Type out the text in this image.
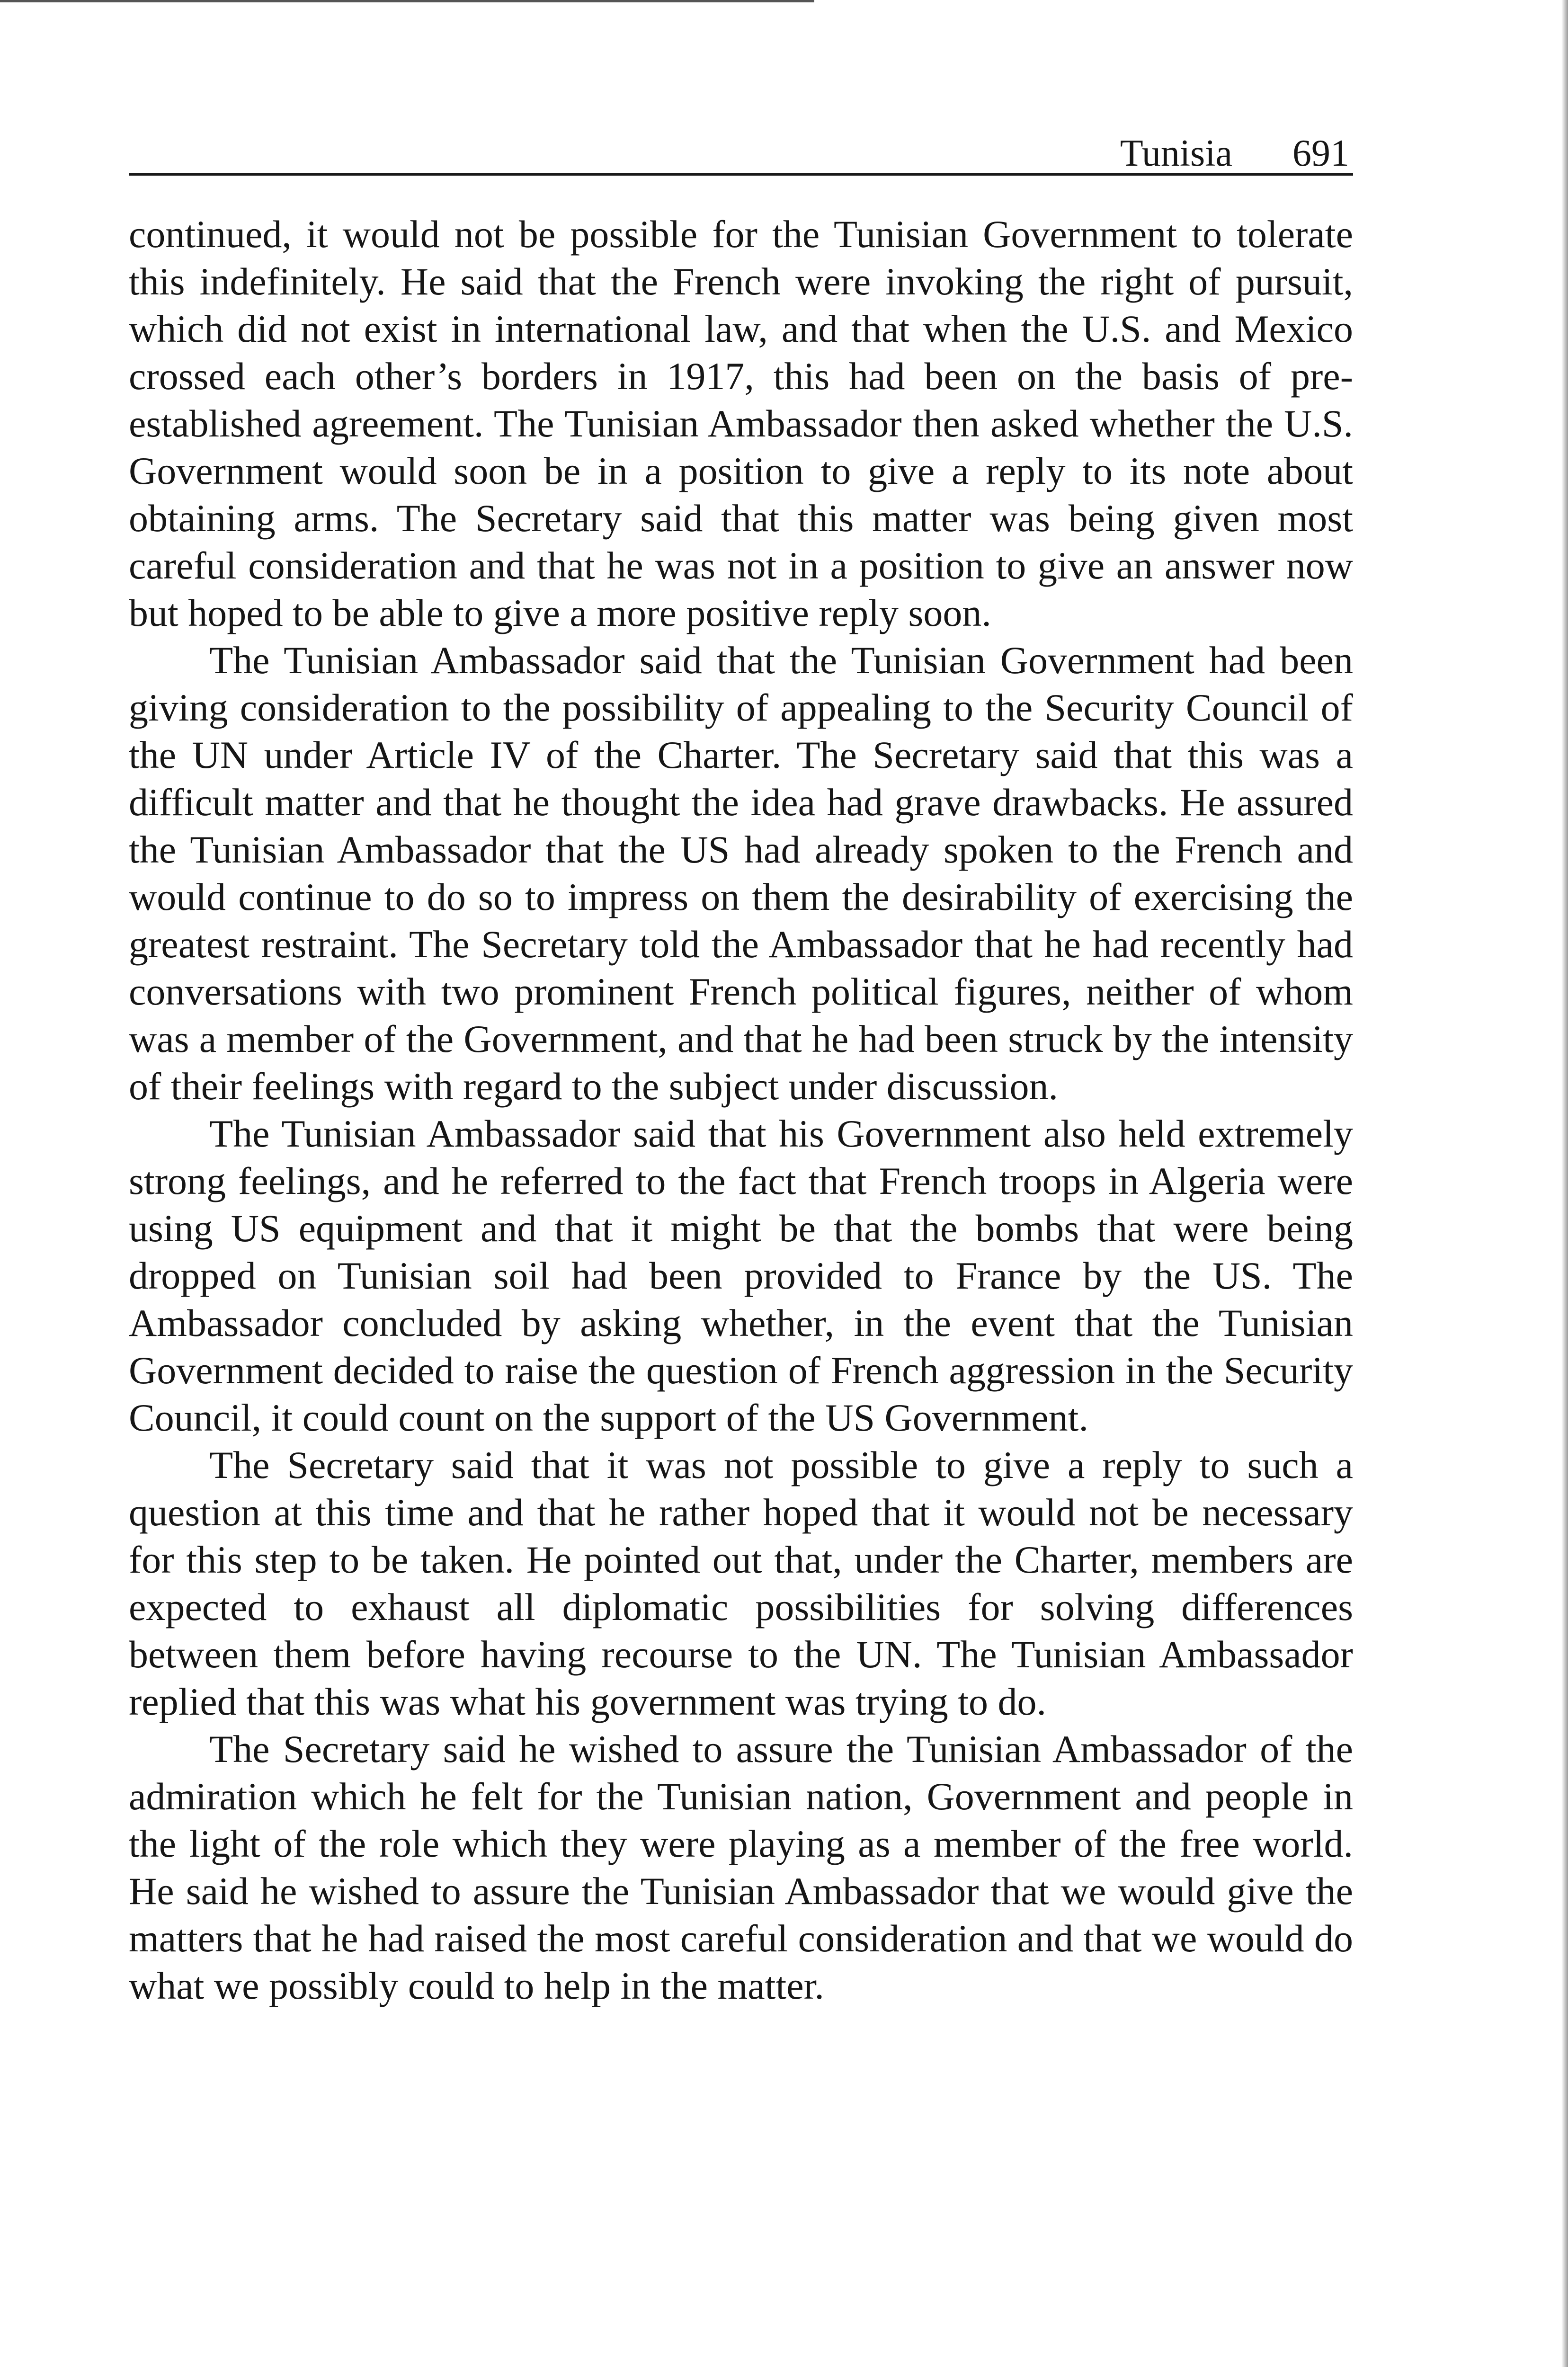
Tunisia 691

continued, it would not be possible for the Tunisian Government to tolerate this indefinitely. He said that the French were invoking the right of pursuit, which did not exist in international law, and that when the U.S. and Mexico crossed each other’s borders in 1917, this had been on the basis of pre-established agreement. The Tunisian Ambassador then asked whether the U.S. Government would soon be in a position to give a reply to its note about obtaining arms. The Secretary said that this matter was being given most careful consideration and that he was not in a position to give an answer now but hoped to be able to give a more positive reply soon.

The Tunisian Ambassador said that the Tunisian Government had been giving consideration to the possibility of appealing to the Security Council of the UN under Article IV of the Charter. The Secretary said that this was a difficult matter and that he thought the idea had grave drawbacks. He assured the Tunisian Ambassador that the US had already spoken to the French and would continue to do so to impress on them the desirability of exercising the greatest restraint. The Secretary told the Ambassador that he had recently had conversations with two prominent French political figures, neither of whom was a member of the Government, and that he had been struck by the intensity of their feelings with regard to the subject under discussion.

The Tunisian Ambassador said that his Government also held extremely strong feelings, and he referred to the fact that French troops in Algeria were using US equipment and that it might be that the bombs that were being dropped on Tunisian soil had been provided to France by the US. The Ambassador concluded by asking whether, in the event that the Tunisian Government decided to raise the question of French aggression in the Security Council, it could count on the support of the US Government.

The Secretary said that it was not possible to give a reply to such a question at this time and that he rather hoped that it would not be necessary for this step to be taken. He pointed out that, under the Charter, members are expected to exhaust all diplomatic possibilities for solving differences between them before having recourse to the UN. The Tunisian Ambassador replied that this was what his government was trying to do.

The Secretary said he wished to assure the Tunisian Ambassador of the admiration which he felt for the Tunisian nation, Government and people in the light of the role which they were playing as a member of the free world. He said he wished to assure the Tunisian Ambassador that we would give the matters that he had raised the most careful consideration and that we would do what we possibly could to help in the matter.
